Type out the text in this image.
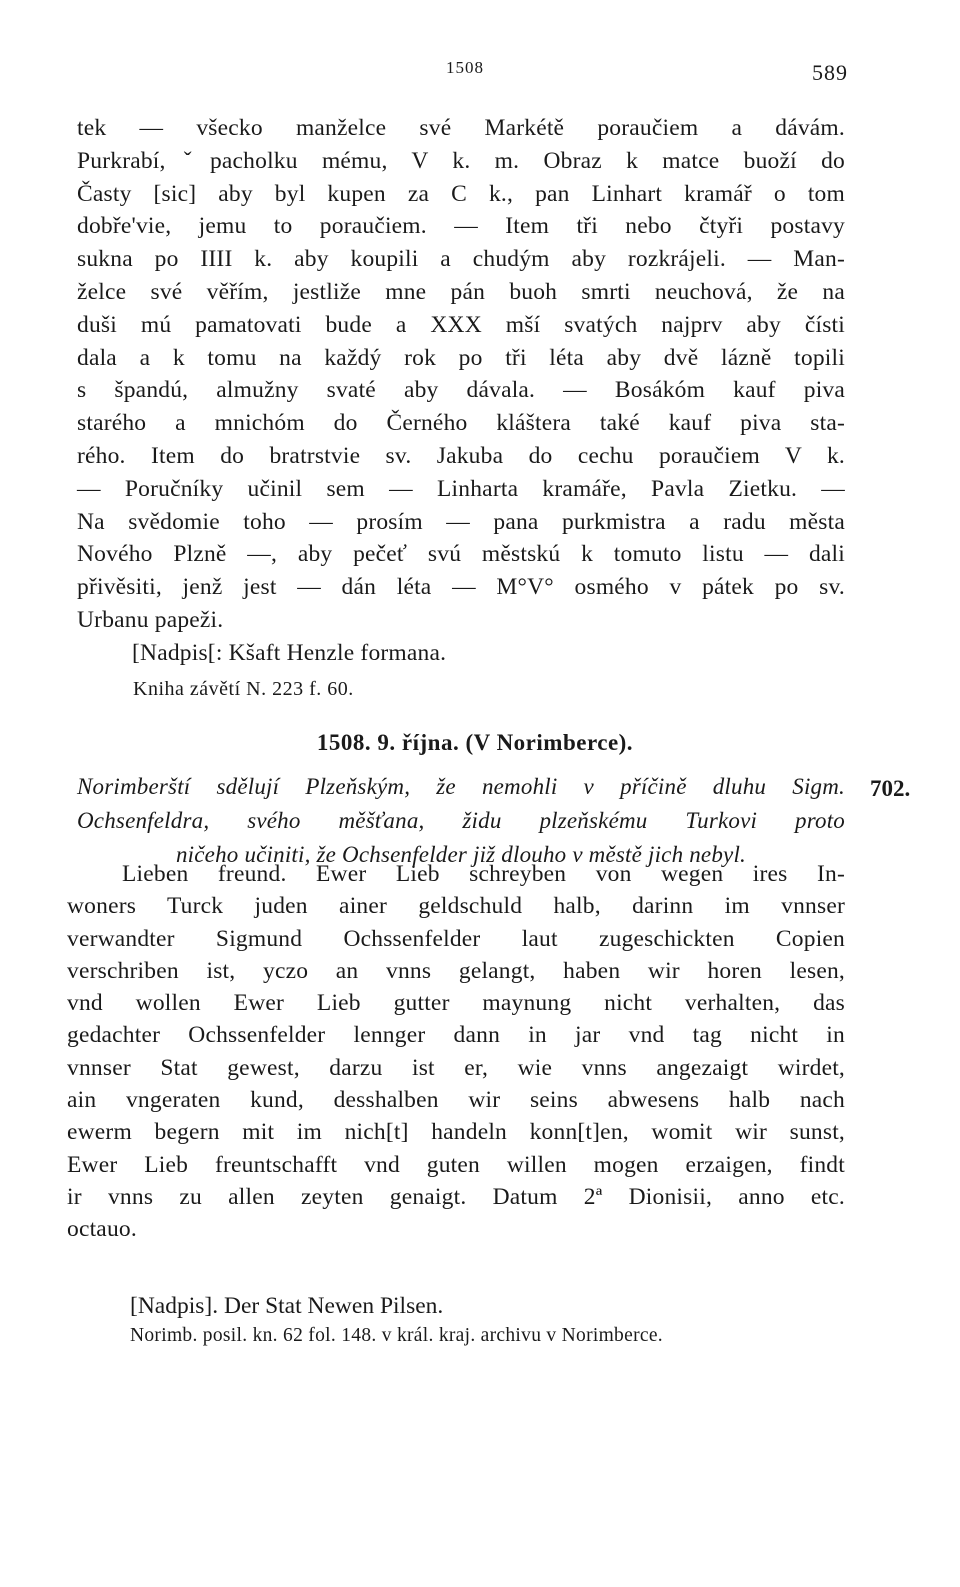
1508	589
tek — všecko manželce své Markétě poraučiem a dávám.
Purkrabí,ˇpacholku mému, V k. m. Obraz k matce buoží do
Časty [sic] aby byl kupen za C k., pan Linhart kramář o tom
dobře'vie, jemu to poraučiem. — Item tři nebo čtyři postavy
sukna po IIII k. aby koupili a chudým aby rozkrájeli. — Man-
želce své věřím, jestliže mne pán buoh smrti neuchová, že na
duši mú pamatovati bude a XXX mší svatých najprv aby čísti
dala a k tomu na každý rok po tři léta aby dvě lázně topili
s špandú, almužny svaté aby dávala. — Bosákóm kauf piva
starého a mnichóm do Černého kláštera také kauf piva sta-
rého. Item do bratrstvie sv. Jakuba do cechu poraučiem V k.
— Poručníky učinil sem — Linharta kramáře, Pavla Zietku. —
Na svědomie toho — prosím — pana purkmistra a radu města
Nového Plzně —, aby pečeť svú městskú k tomuto listu — dali
přivěsiti, jenž jest — dán léta — M°V° osmého v pátek po sv.
Urbanu papeži.
[Nadpis[: Kšaft Henzle formana.
Kniha závětí N. 223 f. 60.
1508. 9. října. (V Norimberce).
Norimberští sdělují Plzeňským, že nemohli v příčině dluhu Sigm.
Ochsenfeldra, svého měšťana, židu plzeňskému Turkovi proto
ničeho učiniti, že Ochsenfelder již dlouho v městě jich nebyl.
702.
Lieben freund. Ewer Lieb schreyben von wegen ires In-
woners Turck juden ainer geldschuld halb, darinn im vnnser
verwandter Sigmund Ochssenfelder laut zugeschickten Copien
verschriben ist, yczo an vnns gelangt, haben wir horen lesen,
vnd wollen Ewer Lieb gutter maynung nicht verhalten, das
gedachter Ochssenfelder lennger dann in jar vnd tag nicht in
vnnser Stat gewest, darzu ist er, wie vnns angezaigt wirdet,
ain vngeraten kund, desshalben wir seins abwesens halb nach
ewerm begern mit im nich[t] handeln konn[t]en, womit wir sunst,
Ewer Lieb freuntschafft vnd guten willen mogen erzaigen, findt
ir vnns zu allen zeyten genaigt. Datum 2ª Dionisii, anno etc.
octauo.
[Nadpis]. Der Stat Newen Pilsen.
Norimb. posil. kn. 62 fol. 148. v král. kraj. archivu v Norimberce.
